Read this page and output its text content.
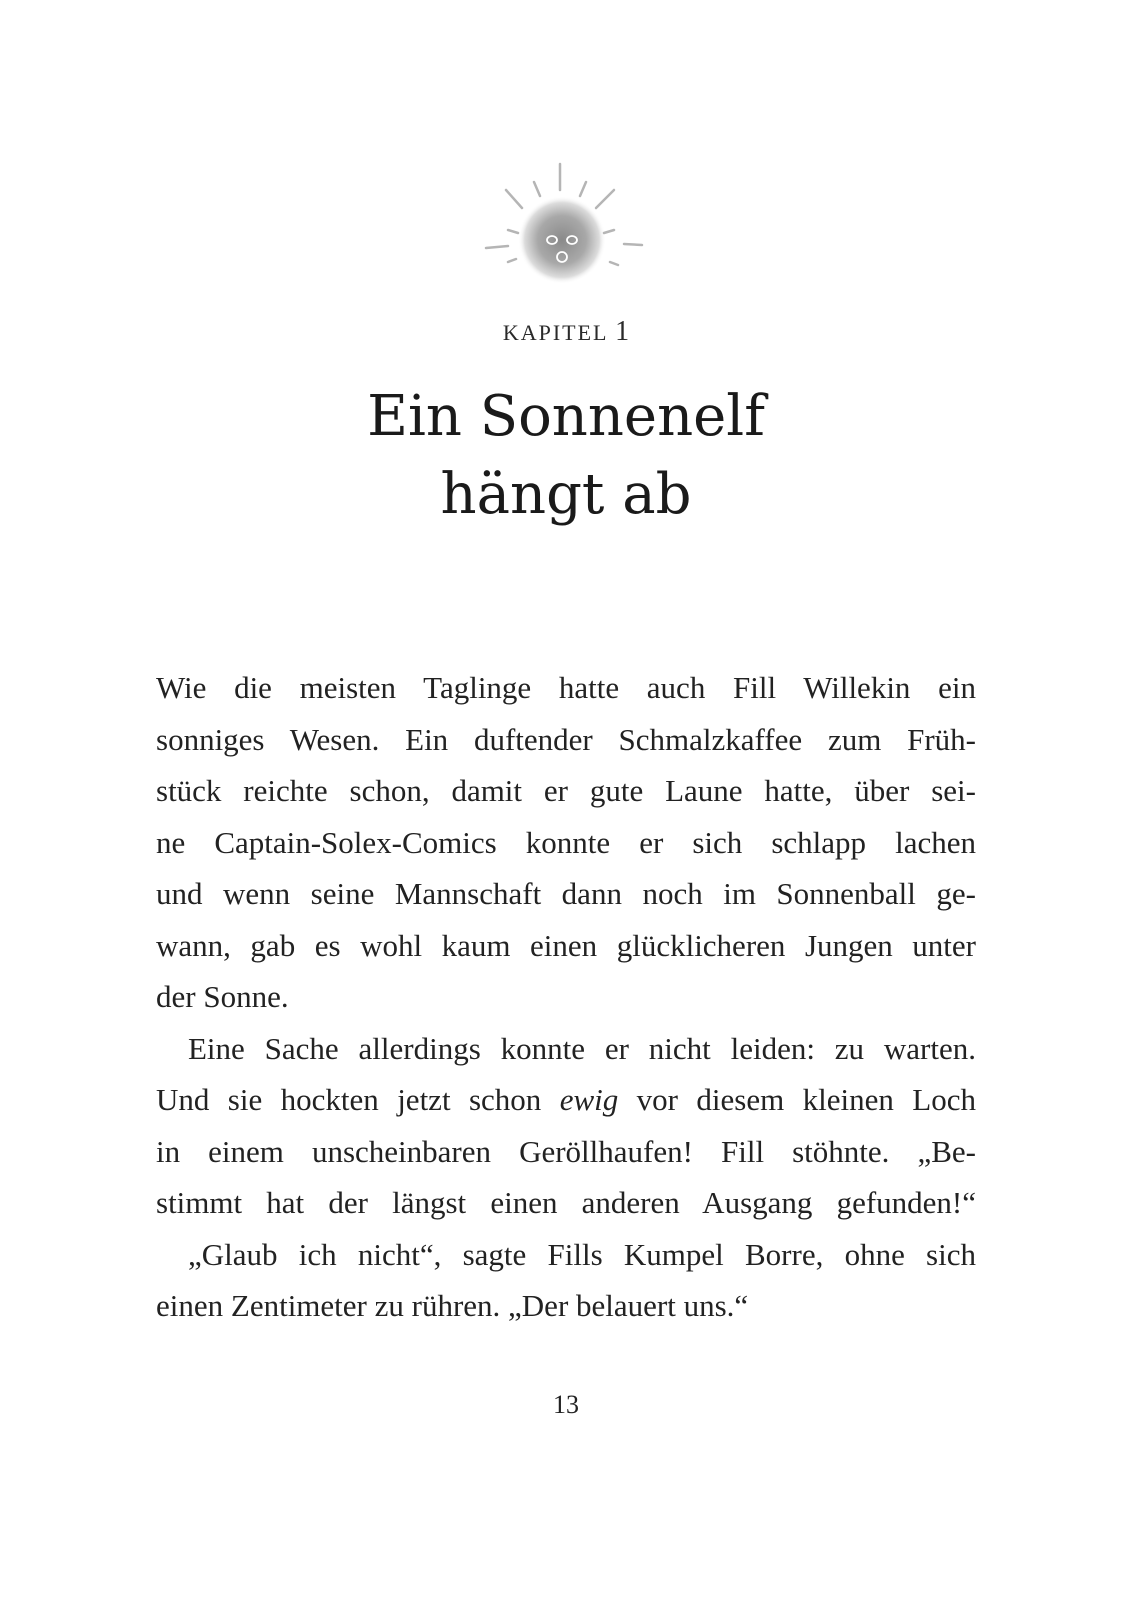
KAPITEL 1
Ein Sonnenelf
hängt ab
Wie die meisten Taglinge hatte auch Fill Willekin ein
sonniges Wesen. Ein duftender Schmalzkaffee zum Früh-
stück reichte schon, damit er gute Laune hatte, über sei-
ne Captain-Solex-Comics konnte er sich schlapp lachen
und wenn seine Mannschaft dann noch im Sonnenball ge-
wann, gab es wohl kaum einen glücklicheren Jungen unter
der Sonne.
Eine Sache allerdings konnte er nicht leiden: zu warten.
Und sie hockten jetzt schon ewig vor diesem kleinen Loch
in einem unscheinbaren Geröllhaufen! Fill stöhnte. „Be-
stimmt hat der längst einen anderen Ausgang gefunden!“
„Glaub ich nicht“, sagte Fills Kumpel Borre, ohne sich
einen Zentimeter zu rühren. „Der belauert uns.“
13
